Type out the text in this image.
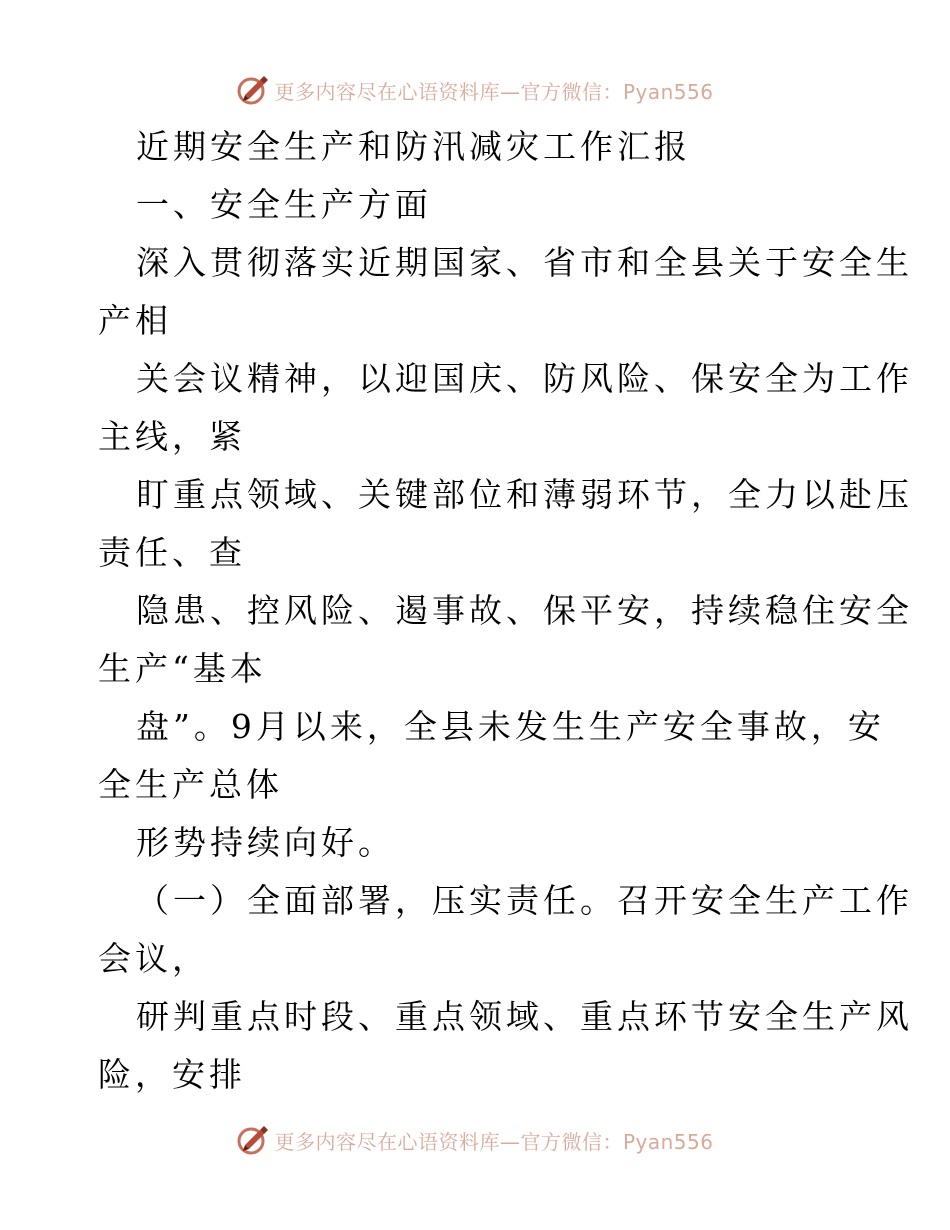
更多内容尽在心语资料库—官方微信：Pyan556
近期安全生产和防汛减灾工作汇报
一、安全生产方面
深入贯彻落实近期国家、省市和全县关于安全生
产相
关会议精神，以迎国庆、防风险、保安全为工作
主线，紧
盯重点领域、关键部位和薄弱环节，全力以赴压
责任、查
隐患、控风险、遏事故、保平安，持续稳住安全
生产“基本
盘”。9月以来，全县未发生生产安全事故，安
全生产总体
形势持续向好。
（一）全面部署，压实责任。召开安全生产工作
会议，
研判重点时段、重点领域、重点环节安全生产风
险，安排
更多内容尽在心语资料库—官方微信：Pyan556
